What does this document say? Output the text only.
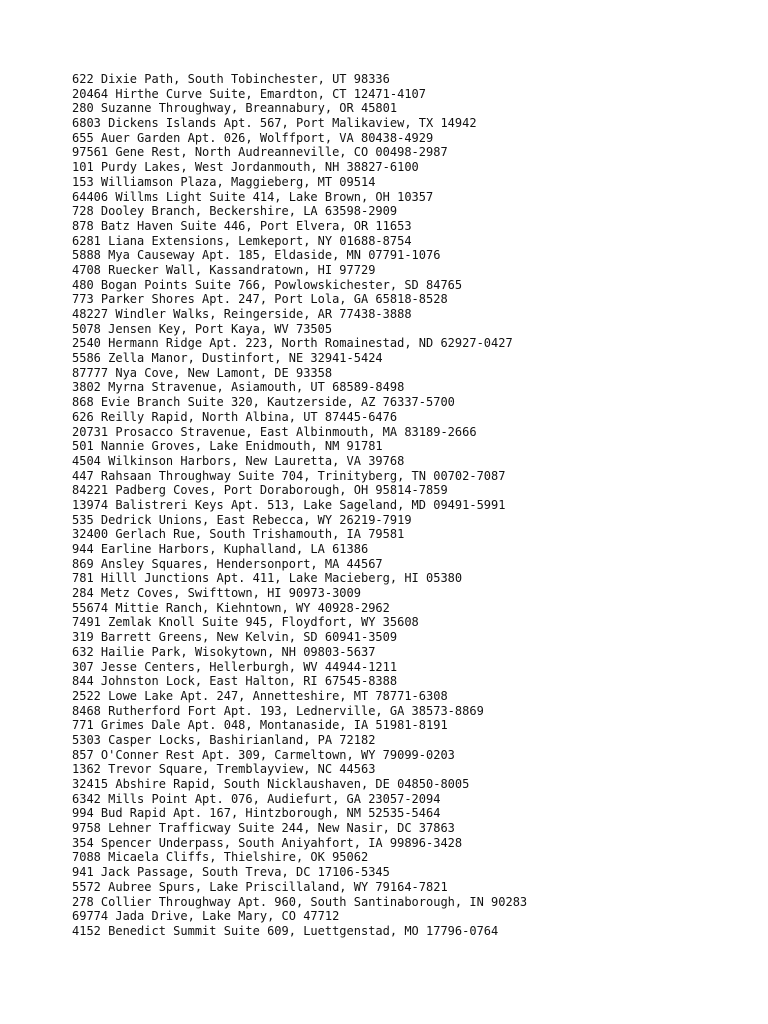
622 Dixie Path, South Tobinchester, UT 98336
20464 Hirthe Curve Suite, Emardton, CT 12471-4107
280 Suzanne Throughway, Breannabury, OR 45801
6803 Dickens Islands Apt. 567, Port Malikaview, TX 14942
655 Auer Garden Apt. 026, Wolffport, VA 80438-4929
97561 Gene Rest, North Audreanneville, CO 00498-2987
101 Purdy Lakes, West Jordanmouth, NH 38827-6100
153 Williamson Plaza, Maggieberg, MT 09514
64406 Willms Light Suite 414, Lake Brown, OH 10357
728 Dooley Branch, Beckershire, LA 63598-2909
878 Batz Haven Suite 446, Port Elvera, OR 11653
6281 Liana Extensions, Lemkeport, NY 01688-8754
5888 Mya Causeway Apt. 185, Eldaside, MN 07791-1076
4708 Ruecker Wall, Kassandratown, HI 97729
480 Bogan Points Suite 766, Powlowskichester, SD 84765
773 Parker Shores Apt. 247, Port Lola, GA 65818-8528
48227 Windler Walks, Reingerside, AR 77438-3888
5078 Jensen Key, Port Kaya, WV 73505
2540 Hermann Ridge Apt. 223, North Romainestad, ND 62927-0427
5586 Zella Manor, Dustinfort, NE 32941-5424
87777 Nya Cove, New Lamont, DE 93358
3802 Myrna Stravenue, Asiamouth, UT 68589-8498
868 Evie Branch Suite 320, Kautzerside, AZ 76337-5700
626 Reilly Rapid, North Albina, UT 87445-6476
20731 Prosacco Stravenue, East Albinmouth, MA 83189-2666
501 Nannie Groves, Lake Enidmouth, NM 91781
4504 Wilkinson Harbors, New Lauretta, VA 39768
447 Rahsaan Throughway Suite 704, Trinityberg, TN 00702-7087
84221 Padberg Coves, Port Doraborough, OH 95814-7859
13974 Balistreri Keys Apt. 513, Lake Sageland, MD 09491-5991
535 Dedrick Unions, East Rebecca, WY 26219-7919
32400 Gerlach Rue, South Trishamouth, IA 79581
944 Earline Harbors, Kuphalland, LA 61386
869 Ansley Squares, Hendersonport, MA 44567
781 Hilll Junctions Apt. 411, Lake Macieberg, HI 05380
284 Metz Coves, Swifttown, HI 90973-3009
55674 Mittie Ranch, Kiehntown, WY 40928-2962
7491 Zemlak Knoll Suite 945, Floydfort, WY 35608
319 Barrett Greens, New Kelvin, SD 60941-3509
632 Hailie Park, Wisokytown, NH 09803-5637
307 Jesse Centers, Hellerburgh, WV 44944-1211
844 Johnston Lock, East Halton, RI 67545-8388
2522 Lowe Lake Apt. 247, Annetteshire, MT 78771-6308
8468 Rutherford Fort Apt. 193, Lednerville, GA 38573-8869
771 Grimes Dale Apt. 048, Montanaside, IA 51981-8191
5303 Casper Locks, Bashirianland, PA 72182
857 O'Conner Rest Apt. 309, Carmeltown, WY 79099-0203
1362 Trevor Square, Tremblayview, NC 44563
32415 Abshire Rapid, South Nicklaushaven, DE 04850-8005
6342 Mills Point Apt. 076, Audiefurt, GA 23057-2094
994 Bud Rapid Apt. 167, Hintzborough, NM 52535-5464
9758 Lehner Trafficway Suite 244, New Nasir, DC 37863
354 Spencer Underpass, South Aniyahfort, IA 99896-3428
7088 Micaela Cliffs, Thielshire, OK 95062
941 Jack Passage, South Treva, DC 17106-5345
5572 Aubree Spurs, Lake Priscillaland, WY 79164-7821
278 Collier Throughway Apt. 960, South Santinaborough, IN 90283
69774 Jada Drive, Lake Mary, CO 47712
4152 Benedict Summit Suite 609, Luettgenstad, MO 17796-0764
